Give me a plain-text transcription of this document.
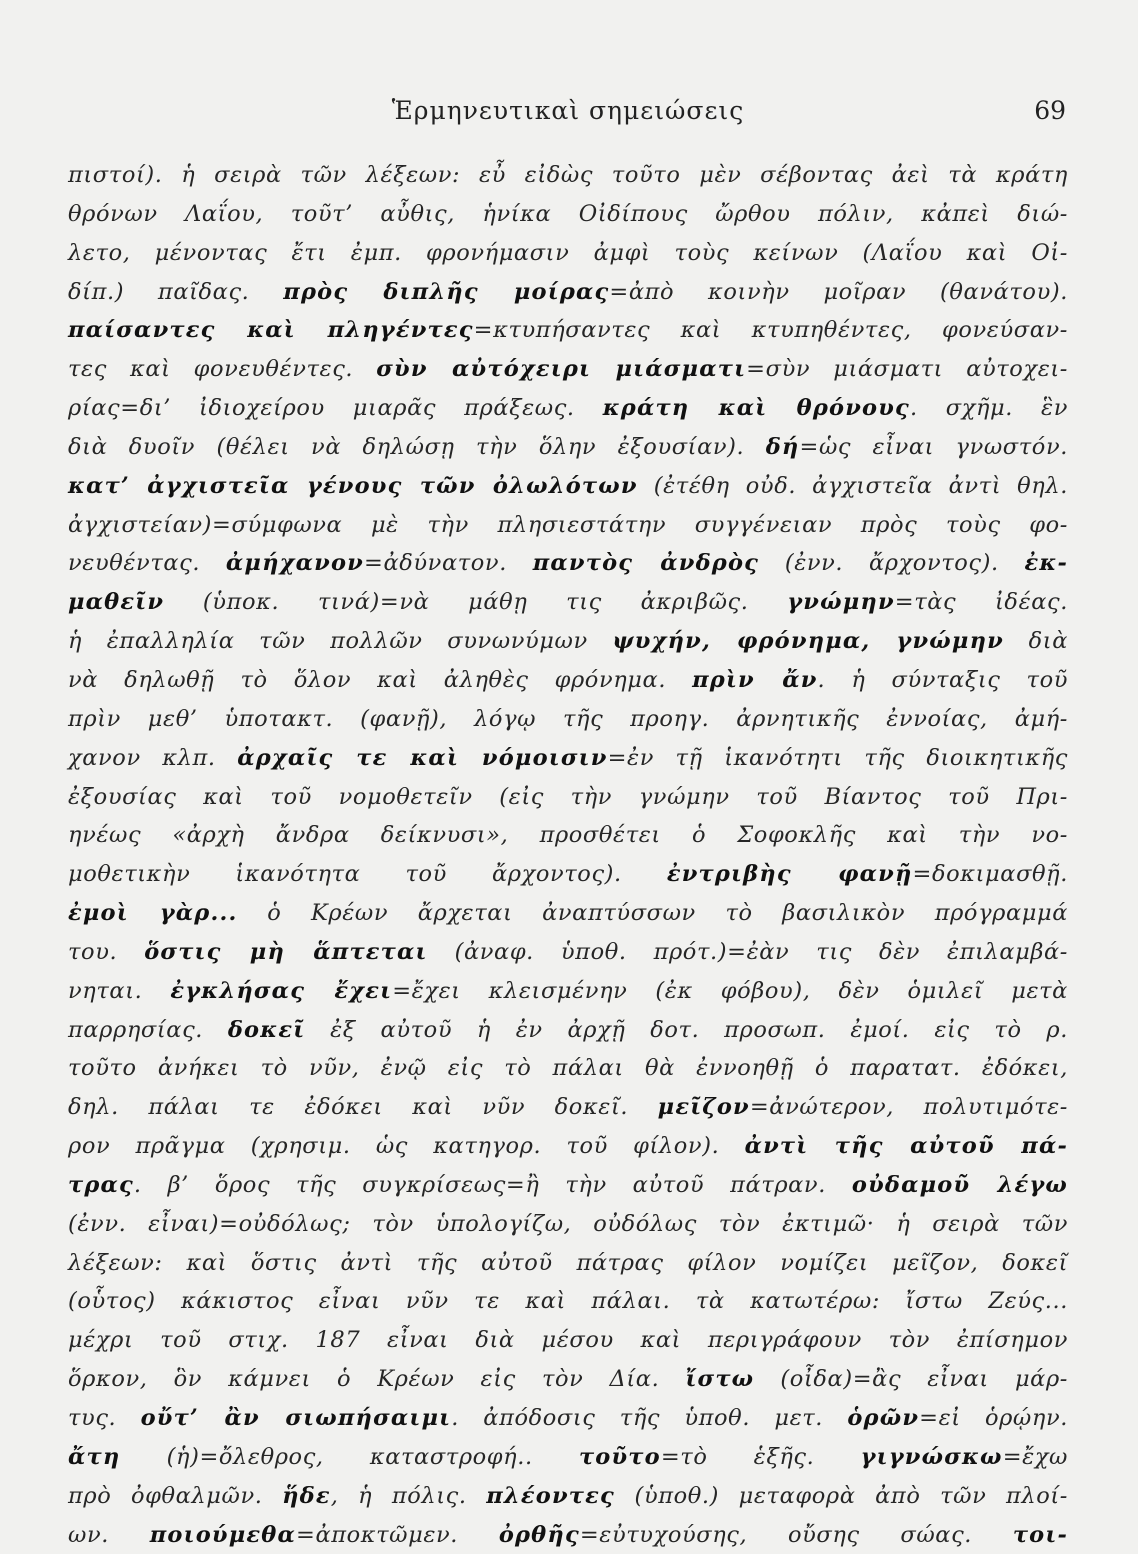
Ἑρμηνευτικαὶ σημειώσεις	69
πιστοί). ἡ σειρὰ τῶν λέξεων: εὖ εἰδὼς τοῦτο μὲν σέβοντας ἀεὶ τὰ κράτη
θρόνων Λαΐου, τοῦτ’ αὖθις, ἡνίκα Οἰδίπους ὤρθου πόλιν, κἀπεὶ διώ-
λετο, μένοντας ἔτι ἐμπ. φρονήμασιν ἀμφὶ τοὺς κείνων (Λαΐου καὶ Οἰ-
δίπ.) παῖδας. πρὸς διπλῆς μοίρας=ἀπὸ κοινὴν μοῖραν (θανάτου).
παίσαντες καὶ πληγέντες=κτυπήσαντες καὶ κτυπηθέντες, φονεύσαν-
τες καὶ φονευθέντες. σὺν αὐτόχειρι μιάσματι=σὺν μιάσματι αὐτοχει-
ρίας=δι’ ἰδιοχείρου μιαρᾶς πράξεως. κράτη καὶ θρόνους. σχῆμ. ἓν
διὰ δυοῖν (θέλει νὰ δηλώσῃ τὴν ὅλην ἐξουσίαν). δή=ὡς εἶναι γνωστόν.
κατ’ ἀγχιστεῖα γένους τῶν ὀλωλότων (ἐτέθη οὐδ. ἀγχιστεῖα ἀντὶ θηλ.
ἀγχιστείαν)=σύμφωνα μὲ τὴν πλησιεστάτην συγγένειαν πρὸς τοὺς φο-
νευθέντας. ἀμήχανον=ἀδύνατον. παντὸς ἀνδρὸς (ἐνν. ἄρχοντος). ἐκ-
μαθεῖν (ὑποκ. τινά)=νὰ μάθῃ τις ἀκριβῶς. γνώμην=τὰς ἰδέας.
ἡ ἐπαλληλία τῶν πολλῶν συνωνύμων ψυχήν, φρόνημα, γνώμην διὰ
νὰ δηλωθῇ τὸ ὅλον καὶ ἀληθὲς φρόνημα. πρὶν ἄν. ἡ σύνταξις τοῦ
πρὶν μεθ’ ὑποτακτ. (φανῇ), λόγῳ τῆς προηγ. ἀρνητικῆς ἐννοίας, ἀμή-
χανον κλπ. ἀρχαῖς τε καὶ νόμοισιν=ἐν τῇ ἱκανότητι τῆς διοικητικῆς
ἐξουσίας καὶ τοῦ νομοθετεῖν (εἰς τὴν γνώμην τοῦ Βίαντος τοῦ Πρι-
ηνέως «ἀρχὴ ἄνδρα δείκνυσι», προσθέτει ὁ Σοφοκλῆς καὶ τὴν νο-
μοθετικὴν ἱκανότητα τοῦ ἄρχοντος). ἐντριβὴς φανῇ=δοκιμασθῇ.
ἐμοὶ γὰρ... ὁ Κρέων ἄρχεται ἀναπτύσσων τὸ βασιλικὸν πρόγραμμά
του. ὅστις μὴ ἅπτεται (ἀναφ. ὑποθ. πρότ.)=ἐὰν τις δὲν ἐπιλαμβά-
νηται. ἐγκλήσας ἔχει=ἔχει κλεισμένην (ἐκ φόβου), δὲν ὁμιλεῖ μετὰ
παρρησίας. δοκεῖ ἐξ αὐτοῦ ἡ ἐν ἀρχῇ δοτ. προσωπ. ἐμοί. εἰς τὸ ρ.
τοῦτο ἀνήκει τὸ νῦν, ἐνῷ εἰς τὸ πάλαι θὰ ἐννοηθῇ ὁ παρατατ. ἐδόκει,
δηλ. πάλαι τε ἐδόκει καὶ νῦν δοκεῖ. μεῖζον=ἀνώτερον, πολυτιμότε-
ρον πρᾶγμα (χρησιμ. ὡς κατηγορ. τοῦ φίλον). ἀντὶ τῆς αὐτοῦ πά-
τρας. β’ ὅρος τῆς συγκρίσεως=ἢ τὴν αὐτοῦ πάτραν. οὐδαμοῦ λέγω
(ἐνν. εἶναι)=οὐδόλως; τὸν ὑπολογίζω, οὐδόλως τὸν ἐκτιμῶ· ἡ σειρὰ τῶν
λέξεων: καὶ ὅστις ἀντὶ τῆς αὐτοῦ πάτρας φίλον νομίζει μεῖζον, δοκεῖ
(οὗτος) κάκιστος εἶναι νῦν τε καὶ πάλαι. τὰ κατωτέρω: ἴστω Ζεύς...
μέχρι τοῦ στιχ. 187 εἶναι διὰ μέσου καὶ περιγράφουν τὸν ἐπίσημον
ὅρκον, ὃν κάμνει ὁ Κρέων εἰς τὸν Δία. ἴστω (οἶδα)=ἂς εἶναι μάρ-
τυς. οὔτ’ ἂν σιωπήσαιμι. ἀπόδοσις τῆς ὑποθ. μετ. ὁρῶν=εἰ ὁρῴην.
ἄτη (ἡ)=ὄλεθρος, καταστροφή.. τοῦτο=τὸ ἑξῆς. γιγνώσκω=ἔχω
πρὸ ὀφθαλμῶν. ἥδε, ἡ πόλις. πλέοντες (ὑποθ.) μεταφορὰ ἀπὸ τῶν πλοί-
ων. ποιούμεθα=ἀποκτῶμεν. ὀρθῆς=εὐτυχούσης, οὔσης σώας. τοι-
